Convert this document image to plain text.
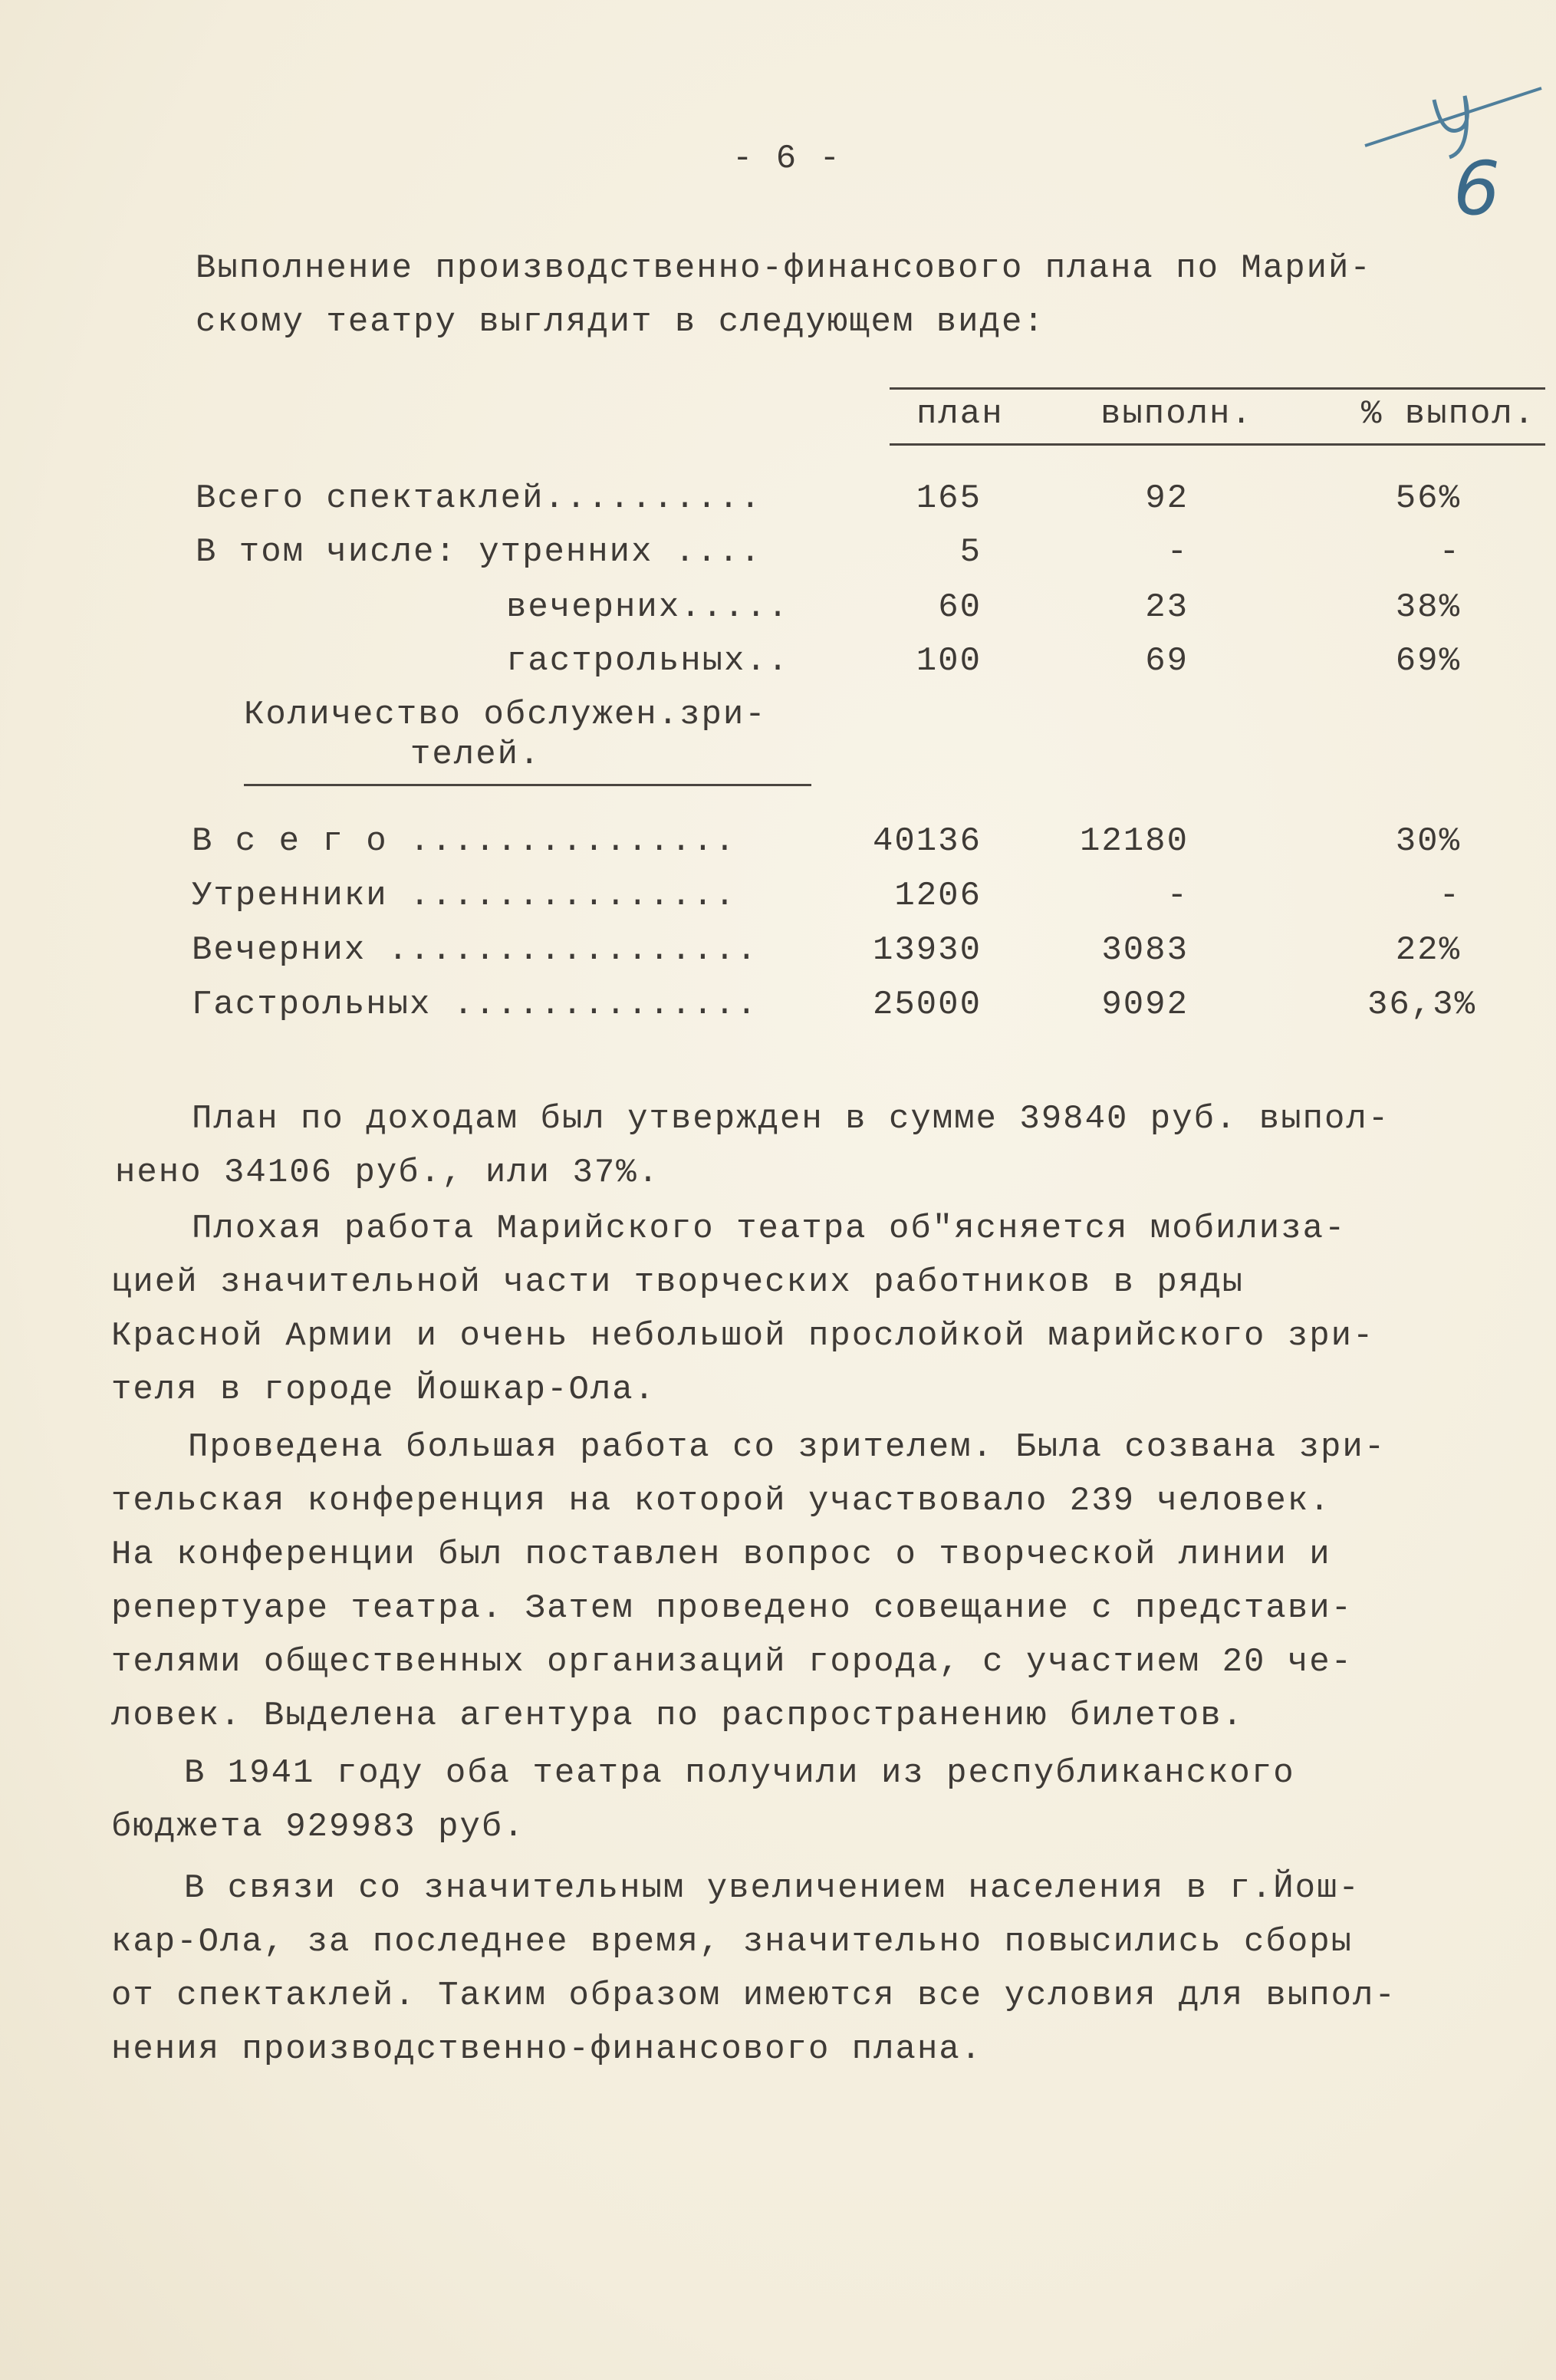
6
- 6 -
Выполнение производственно-финансового плана по Марий-
скому театру выглядит в следующем виде:
план	выполн.	% выпол.
Всего спектаклей..........	165	92	56%
В том числе: утренних ....	5	-	-
вечерних.....	60	23	38%
гастрольных..	100	69	69%
Количество обслужен.зри-
телей.
В с е г о ...............	40136	12180	30%
Утренники ...............	1206	-	-
Вечерних .................	13930	3083	22%
Гастрольных ..............	25000	9092	36,3%
План по доходам был утвержден в сумме 39840 руб. выпол-
нено 34106 руб., или 37%.
Плохая работа Марийского театра об"ясняется мобилиза-
цией значительной части творческих работников в ряды
Красной Армии и очень небольшой прослойкой марийского зри-
теля в городе Йошкар-Ола.
Проведена большая работа со зрителем. Была созвана зри-
тельская конференция на которой участвовало 239 человек.
На конференции был поставлен вопрос о творческой линии и
репертуаре театра. Затем проведено совещание с представи-
телями общественных организаций города, с участием 20 че-
ловек. Выделена агентура по распространению билетов.
В 1941 году оба театра получили из республиканского
бюджета 929983 руб.
В связи со значительным увеличением населения в г.Йош-
кар-Ола, за последнее время, значительно повысились сборы
от спектаклей. Таким образом имеются все условия для выпол-
нения производственно-финансового плана.
